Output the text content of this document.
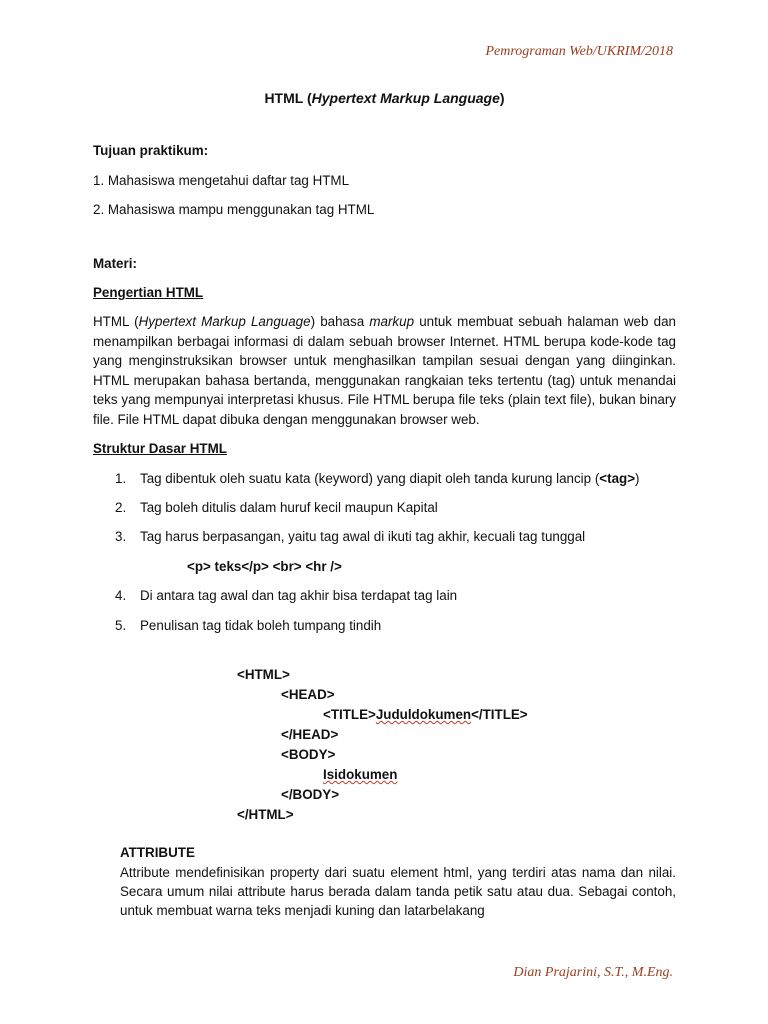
Pemrograman Web/UKRIM/2018
HTML (Hypertext Markup Language)
Tujuan praktikum:
1. Mahasiswa mengetahui daftar tag HTML
2. Mahasiswa mampu menggunakan tag HTML
Materi:
Pengertian HTML
HTML (Hypertext Markup Language) bahasa markup untuk membuat sebuah halaman web dan menampilkan berbagai informasi di dalam sebuah browser Internet. HTML berupa kode-kode tag yang menginstruksikan browser untuk menghasilkan tampilan sesuai dengan yang diinginkan. HTML merupakan bahasa bertanda, menggunakan rangkaian teks tertentu (tag) untuk menandai teks yang mempunyai interpretasi khusus. File HTML berupa file teks (plain text file), bukan binary file. File HTML dapat dibuka dengan menggunakan browser web.
Struktur Dasar HTML
1. Tag dibentuk oleh suatu kata (keyword) yang diapit oleh tanda kurung lancip (<tag>)
2. Tag boleh ditulis dalam huruf kecil maupun Kapital
3. Tag harus berpasangan, yaitu tag awal di ikuti tag akhir, kecuali tag tunggal
<p> teks</p> <br> <hr />
4. Di antara tag awal dan tag akhir bisa terdapat tag lain
5. Penulisan tag tidak boleh tumpang tindih
<HTML>
<HEAD>
<TITLE>Juduldokumen</TITLE>
</HEAD>
<BODY>
Isidokumen
</BODY>
</HTML>
ATTRIBUTE
Attribute mendefinisikan property dari suatu element html, yang terdiri atas nama dan nilai. Secara umum nilai attribute harus berada dalam tanda petik satu atau dua. Sebagai contoh, untuk membuat warna teks menjadi kuning dan latarbelakang
Dian Prajarini, S.T., M.Eng.
